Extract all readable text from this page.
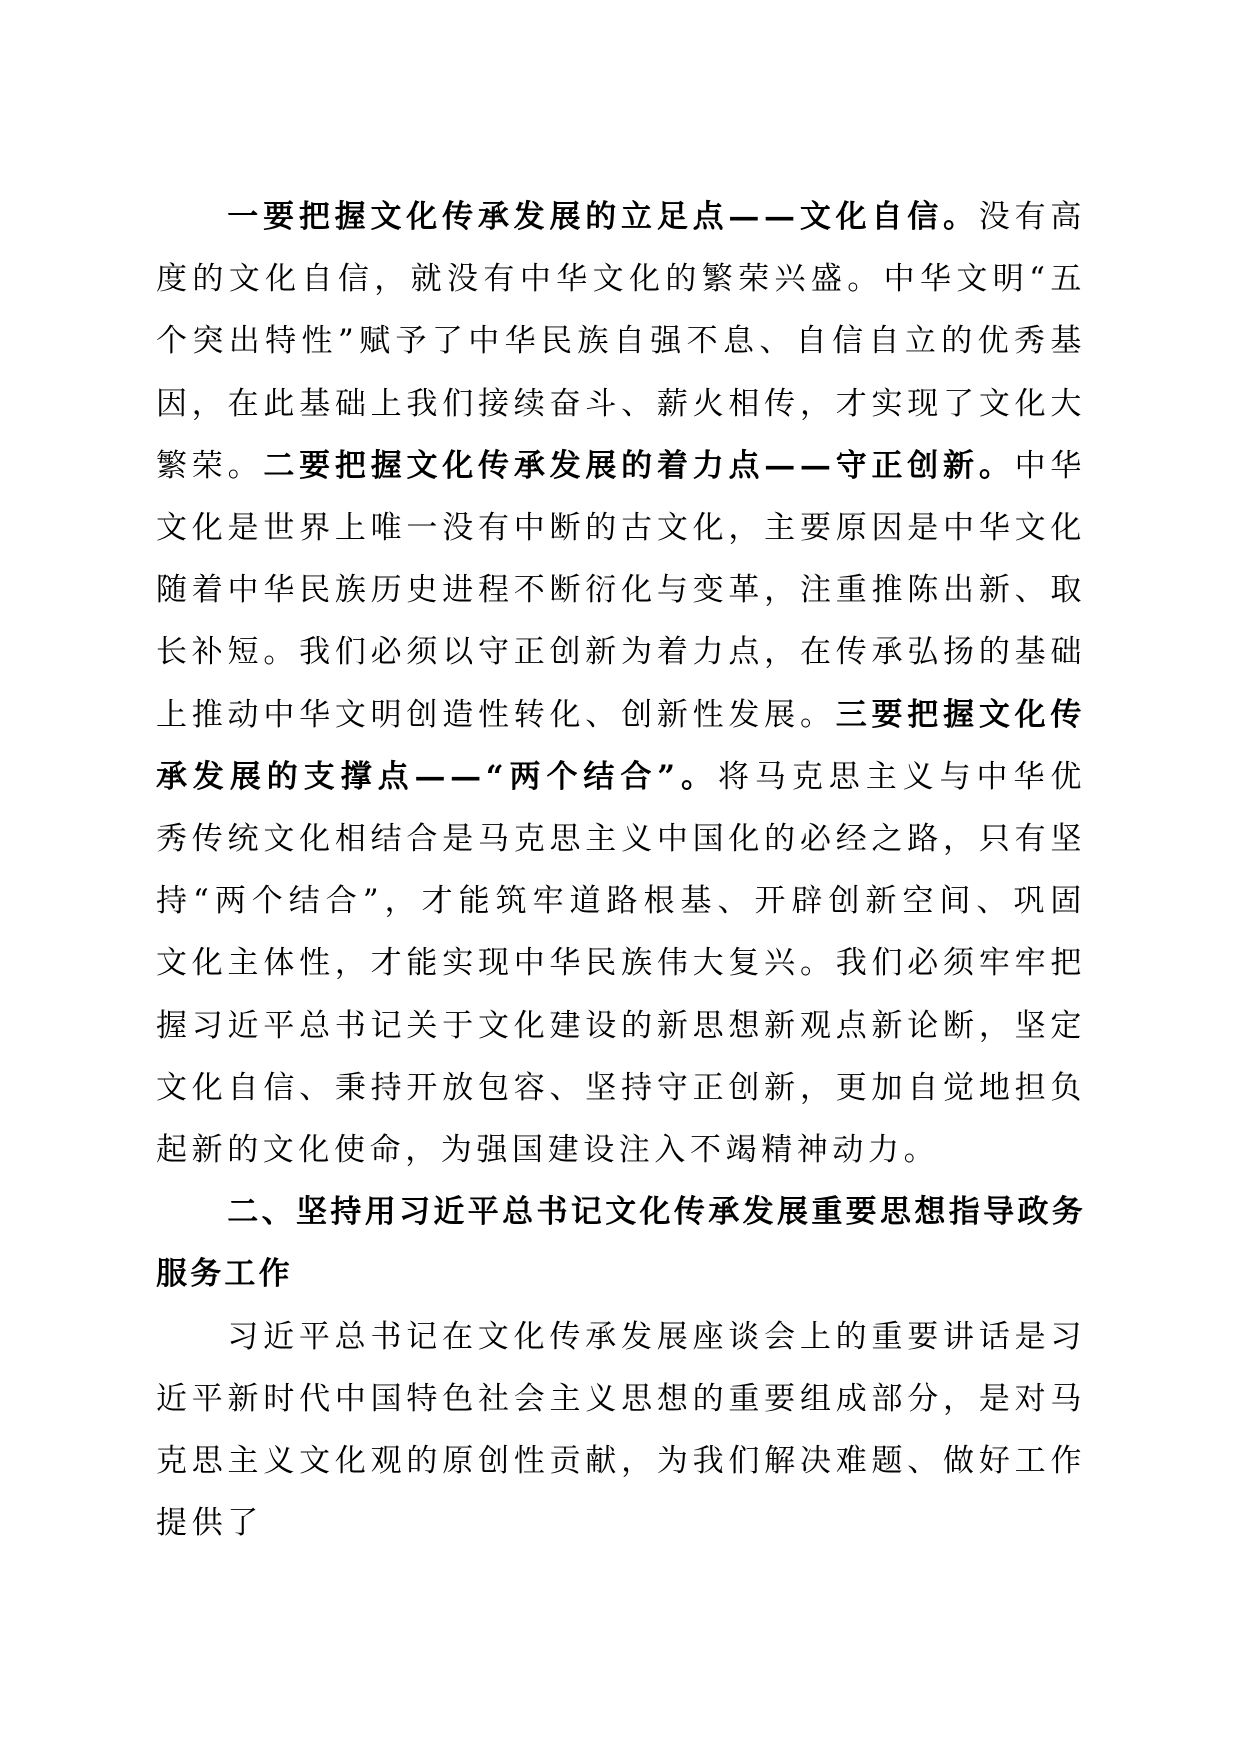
一要把握文化传承发展的立足点——文化自信。没有高度的文化自信，就没有中华文化的繁荣兴盛。中华文明“五个突出特性”赋予了中华民族自强不息、自信自立的优秀基因，在此基础上我们接续奋斗、薪火相传，才实现了文化大繁荣。二要把握文化传承发展的着力点——守正创新。中华文化是世界上唯一没有中断的古文化，主要原因是中华文化随着中华民族历史进程不断衍化与变革，注重推陈出新、取长补短。我们必须以守正创新为着力点，在传承弘扬的基础上推动中华文明创造性转化、创新性发展。三要把握文化传承发展的支撑点——“两个结合”。将马克思主义与中华优秀传统文化相结合是马克思主义中国化的必经之路，只有坚持“两个结合”，才能筑牢道路根基、开辟创新空间、巩固文化主体性，才能实现中华民族伟大复兴。我们必须牢牢把握习近平总书记关于文化建设的新思想新观点新论断，坚定文化自信、秉持开放包容、坚持守正创新，更加自觉地担负起新的文化使命，为强国建设注入不竭精神动力。

二、坚持用习近平总书记文化传承发展重要思想指导政务服务工作

习近平总书记在文化传承发展座谈会上的重要讲话是习近平新时代中国特色社会主义思想的重要组成部分，是对马克思主义文化观的原创性贡献，为我们解决难题、做好工作提供了
